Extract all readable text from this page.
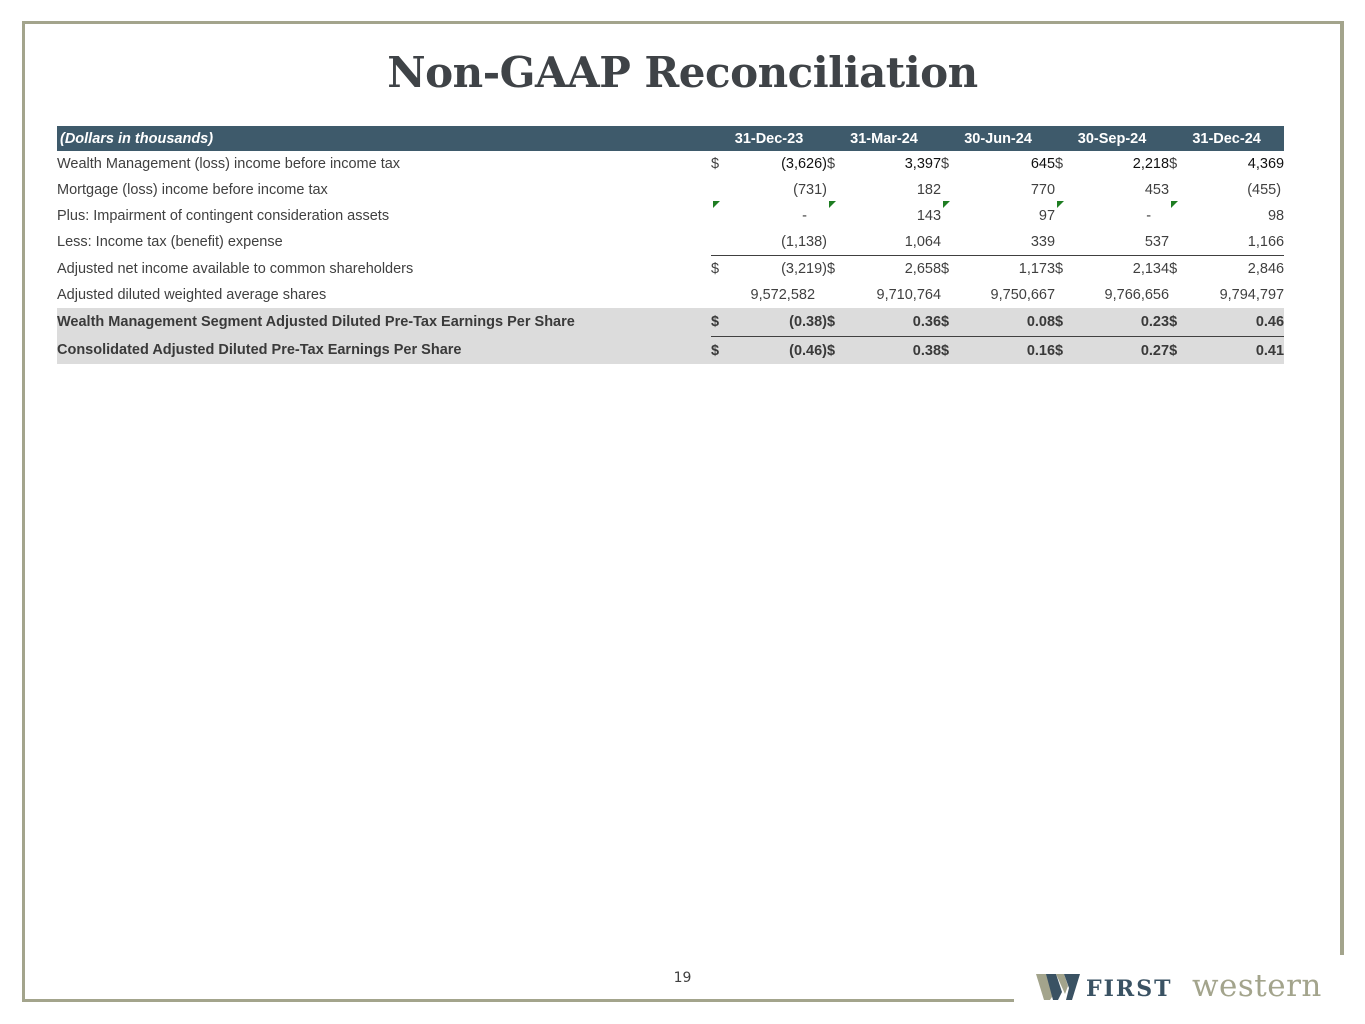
Non-GAAP Reconciliation
(Dollars in thousands)	31-Dec-23		31-Mar-24		30-Jun-24		30-Sep-24		31-Dec-24	
Wealth Management (loss) income before income tax	$	(3,626)	$	3,397	$	645	$	2,218	$	4,369
Mortgage (loss) income before income tax		(731)		182		770		453		(455)
Plus: Impairment of contingent consideration assets		-		143		97		-		98
Less: Income tax (benefit) expense		(1,138)		1,064		339		537		1,166
Adjusted net income available to common shareholders	$	(3,219)	$	2,658	$	1,173	$	2,134	$	2,846
Adjusted diluted weighted average shares		9,572,582		9,710,764		9,750,667		9,766,656		9,794,797
Wealth Management Segment Adjusted Diluted Pre-Tax Earnings Per Share	$	(0.38)	$	0.36	$	0.08	$	0.23	$	0.46
Consolidated Adjusted Diluted Pre-Tax Earnings Per Share	$	(0.46)	$	0.38	$	0.16	$	0.27	$	0.41
19	FIRST western
